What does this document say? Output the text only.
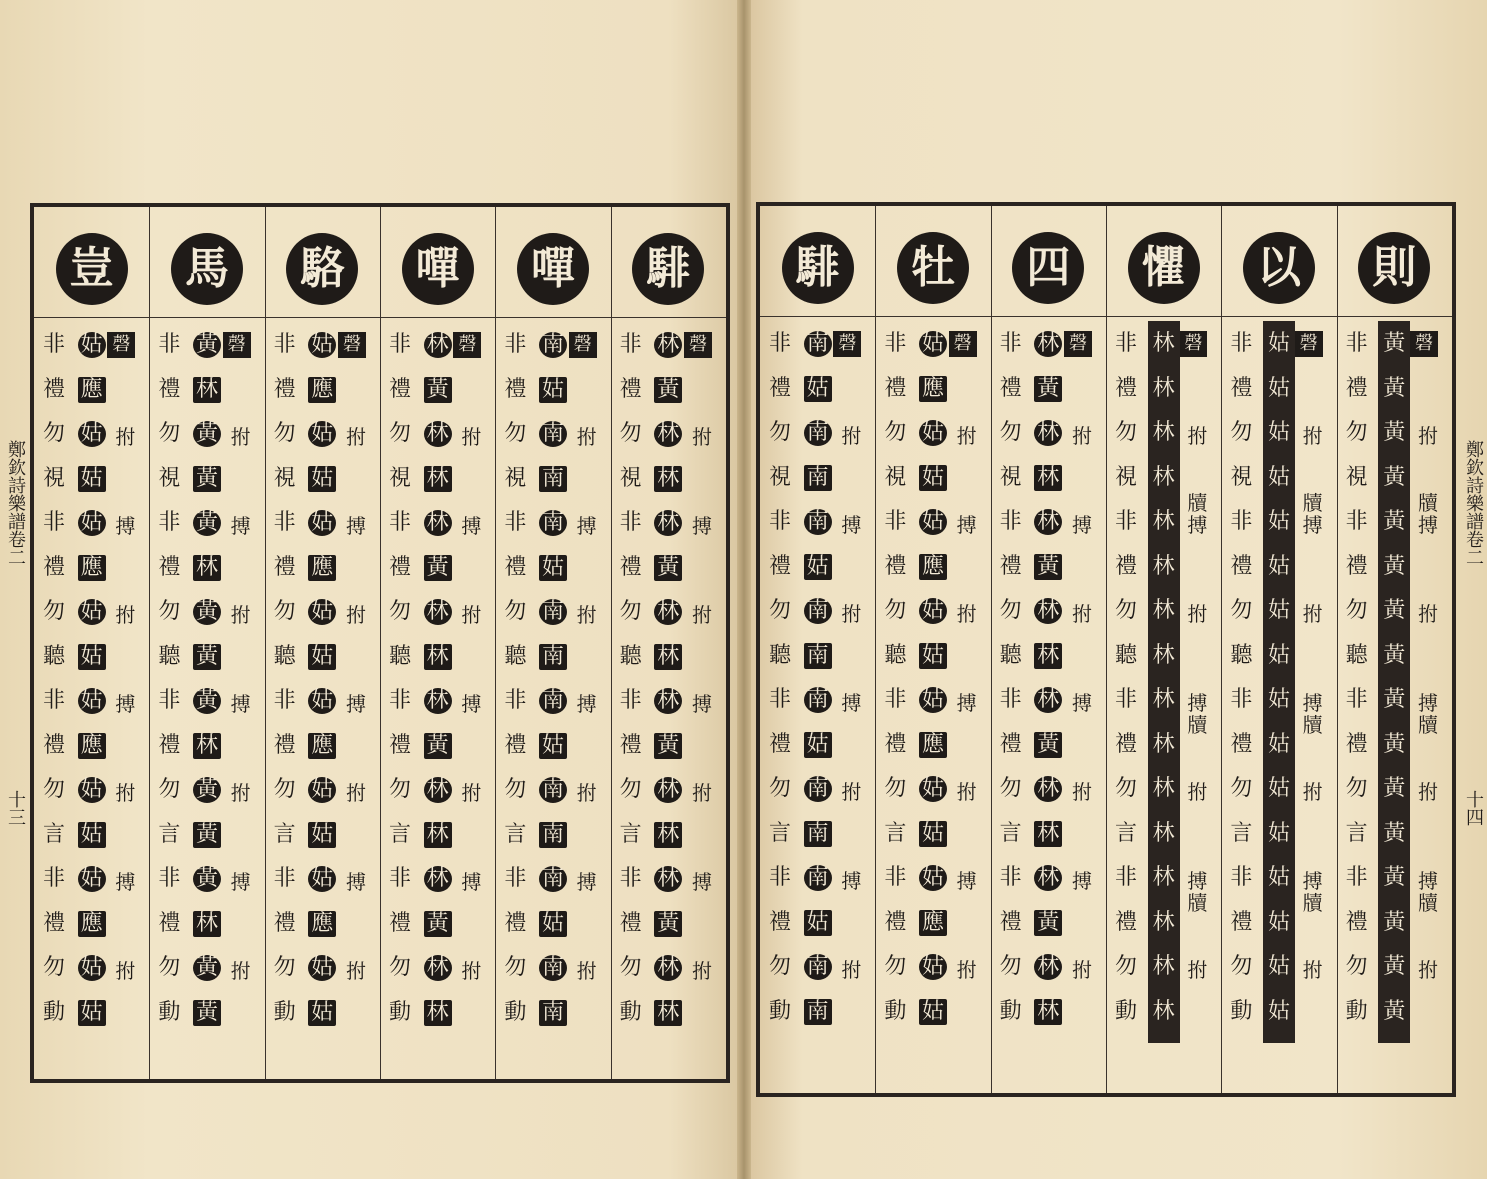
鄭欽詩樂譜卷二
十三
鄭欽詩樂譜卷二
十四
豈
磬
姑
應
姑
姑
姑
應
姑
姑
姑
應
姑
姑
姑
應
姑
姑
非
禮
勿
視
非
禮
勿
聽
非
禮
勿
言
非
禮
勿
動
拊
搏
拊
搏
拊
搏
拊
馬
磬
黃
林
黃
黃
黃
林
黃
黃
黃
林
黃
黃
黃
林
黃
黃
非
禮
勿
視
非
禮
勿
聽
非
禮
勿
言
非
禮
勿
動
拊
搏
拊
搏
拊
搏
拊
駱
磬
姑
應
姑
姑
姑
應
姑
姑
姑
應
姑
姑
姑
應
姑
姑
非
禮
勿
視
非
禮
勿
聽
非
禮
勿
言
非
禮
勿
動
拊
搏
拊
搏
拊
搏
拊
嘽
磬
林
黃
林
林
林
黃
林
林
林
黃
林
林
林
黃
林
林
非
禮
勿
視
非
禮
勿
聽
非
禮
勿
言
非
禮
勿
動
拊
搏
拊
搏
拊
搏
拊
嘽
磬
南
姑
南
南
南
姑
南
南
南
姑
南
南
南
姑
南
南
非
禮
勿
視
非
禮
勿
聽
非
禮
勿
言
非
禮
勿
動
拊
搏
拊
搏
拊
搏
拊
騑
磬
林
黃
林
林
林
黃
林
林
林
黃
林
林
林
黃
林
林
非
禮
勿
視
非
禮
勿
聽
非
禮
勿
言
非
禮
勿
動
拊
搏
拊
搏
拊
搏
拊
騑
磬
南
姑
南
南
南
姑
南
南
南
姑
南
南
南
姑
南
南
非
禮
勿
視
非
禮
勿
聽
非
禮
勿
言
非
禮
勿
動
拊
搏
拊
搏
拊
搏
拊
牡
磬
姑
應
姑
姑
姑
應
姑
姑
姑
應
姑
姑
姑
應
姑
姑
非
禮
勿
視
非
禮
勿
聽
非
禮
勿
言
非
禮
勿
動
拊
搏
拊
搏
拊
搏
拊
四
磬
林
黃
林
林
林
黃
林
林
林
黃
林
林
林
黃
林
林
非
禮
勿
視
非
禮
勿
聽
非
禮
勿
言
非
禮
勿
動
拊
搏
拊
搏
拊
搏
拊
懼
磬
林
林
林
林
林
林
林
林
林
林
林
林
林
林
林
林
非
禮
勿
視
非
禮
勿
聽
非
禮
勿
言
非
禮
勿
動
拊
搏
拊
搏
拊
搏
拊
牘
牘
牘
以
磬
姑
姑
姑
姑
姑
姑
姑
姑
姑
姑
姑
姑
姑
姑
姑
姑
非
禮
勿
視
非
禮
勿
聽
非
禮
勿
言
非
禮
勿
動
拊
搏
拊
搏
拊
搏
拊
牘
牘
牘
則
磬
黃
黃
黃
黃
黃
黃
黃
黃
黃
黃
黃
黃
黃
黃
黃
黃
非
禮
勿
視
非
禮
勿
聽
非
禮
勿
言
非
禮
勿
動
拊
搏
拊
搏
拊
搏
拊
牘
牘
牘
